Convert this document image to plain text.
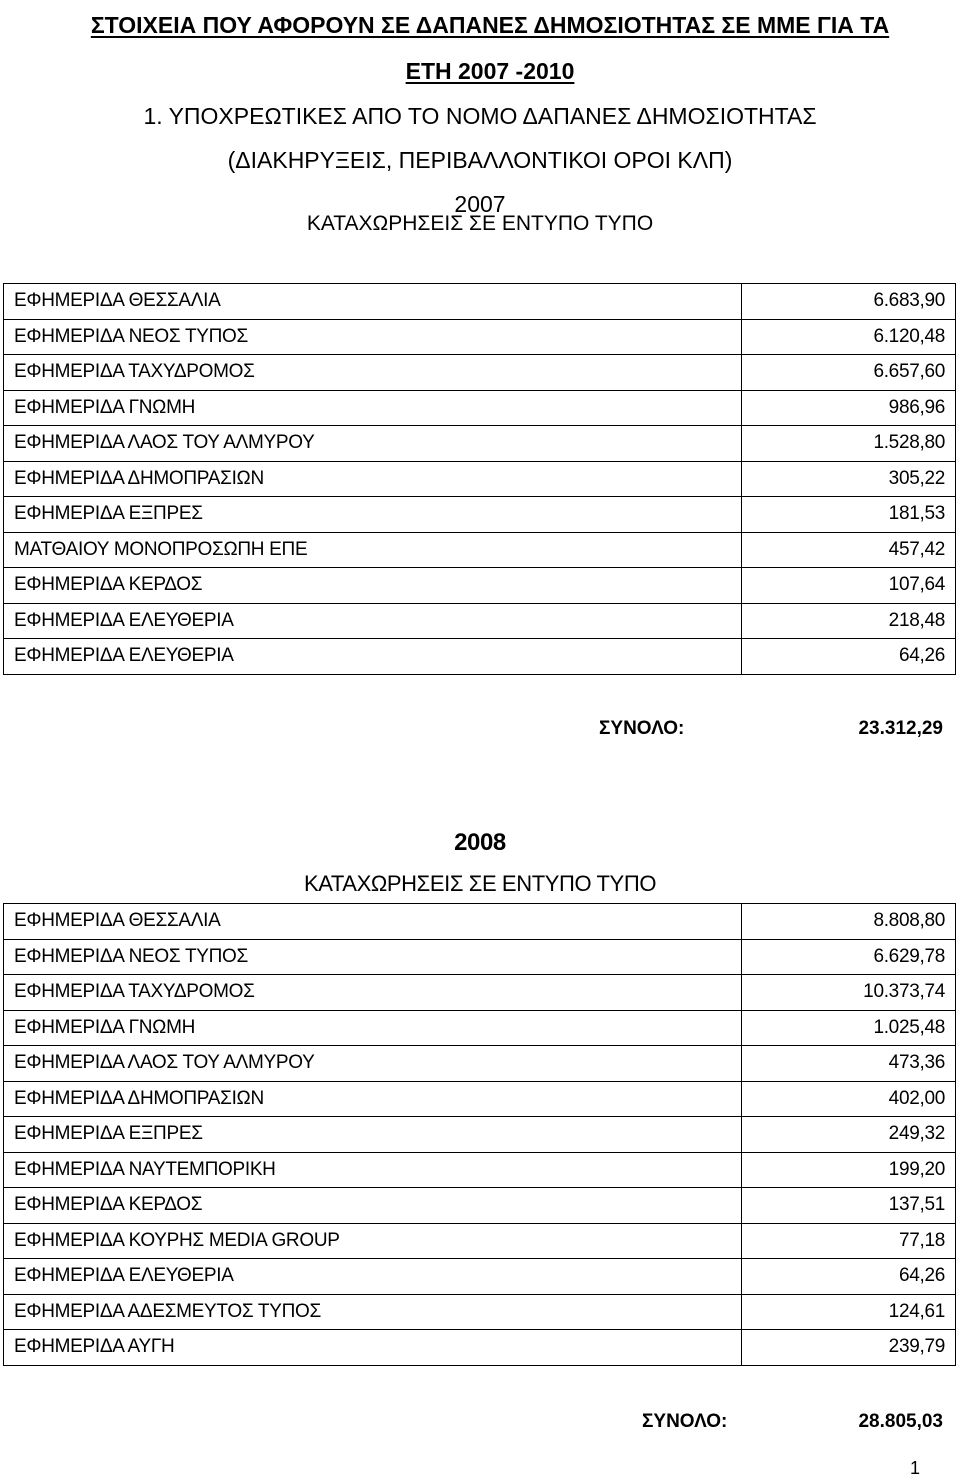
ΣΤΟΙΧΕΙΑ ΠΟΥ ΑΦΟΡΟΥΝ ΣΕ ΔΑΠΑΝΕΣ ΔΗΜΟΣΙΟΤΗΤΑΣ ΣΕ ΜΜΕ ΓΙΑ ΤΑ
ΕΤΗ 2007 -2010
1. ΥΠΟΧΡΕΩΤΙΚΕΣ ΑΠΟ ΤΟ ΝΟΜΟ ΔΑΠΑΝΕΣ ΔΗΜΟΣΙΟΤΗΤΑΣ
(ΔΙΑΚΗΡΥΞΕΙΣ, ΠΕΡΙΒΑΛΛΟΝΤΙΚΟΙ ΟΡΟΙ ΚΛΠ)
2007
ΚΑΤΑΧΩΡΗΣΕΙΣ ΣΕ ΕΝΤΥΠΟ ΤΥΠΟ
ΕΦΗΜΕΡΙΔΑ ΘΕΣΣΑΛΙΑ	6.683,90
ΕΦΗΜΕΡΙΔΑ ΝΕΟΣ ΤΥΠΟΣ	6.120,48
ΕΦΗΜΕΡΙΔΑ ΤΑΧΥΔΡΟΜΟΣ	6.657,60
ΕΦΗΜΕΡΙΔΑ ΓΝΩΜΗ	986,96
ΕΦΗΜΕΡΙΔΑ ΛΑΟΣ ΤΟΥ ΑΛΜΥΡΟΥ	1.528,80
ΕΦΗΜΕΡΙΔΑ ΔΗΜΟΠΡΑΣΙΩΝ	305,22
ΕΦΗΜΕΡΙΔΑ ΕΞΠΡΕΣ	181,53
ΜΑΤΘΑΙΟΥ ΜΟΝΟΠΡΟΣΩΠΗ ΕΠΕ	457,42
ΕΦΗΜΕΡΙΔΑ ΚΕΡΔΟΣ	107,64
ΕΦΗΜΕΡΙΔΑ ΕΛΕΥΘΕΡΙΑ	218,48
ΕΦΗΜΕΡΙΔΑ ΕΛΕΥΘΕΡΙΑ	64,26
ΣΥΝΟΛΟ:	23.312,29
2008
ΚΑΤΑΧΩΡΗΣΕΙΣ ΣΕ ΕΝΤΥΠΟ ΤΥΠΟ
ΕΦΗΜΕΡΙΔΑ ΘΕΣΣΑΛΙΑ	8.808,80
ΕΦΗΜΕΡΙΔΑ ΝΕΟΣ ΤΥΠΟΣ	6.629,78
ΕΦΗΜΕΡΙΔΑ ΤΑΧΥΔΡΟΜΟΣ	10.373,74
ΕΦΗΜΕΡΙΔΑ ΓΝΩΜΗ	1.025,48
ΕΦΗΜΕΡΙΔΑ ΛΑΟΣ ΤΟΥ ΑΛΜΥΡΟΥ	473,36
ΕΦΗΜΕΡΙΔΑ ΔΗΜΟΠΡΑΣΙΩΝ	402,00
ΕΦΗΜΕΡΙΔΑ ΕΞΠΡΕΣ	249,32
ΕΦΗΜΕΡΙΔΑ ΝΑΥΤΕΜΠΟΡΙΚΗ	199,20
ΕΦΗΜΕΡΙΔΑ ΚΕΡΔΟΣ	137,51
ΕΦΗΜΕΡΙΔΑ ΚΟΥΡΗΣ MEDIA GROUP	77,18
ΕΦΗΜΕΡΙΔΑ ΕΛΕΥΘΕΡΙΑ	64,26
ΕΦΗΜΕΡΙΔΑ ΑΔΕΣΜΕΥΤΟΣ ΤΥΠΟΣ	124,61
ΕΦΗΜΕΡΙΔΑ ΑΥΓΗ	239,79
ΣΥΝΟΛΟ:	28.805,03
1
